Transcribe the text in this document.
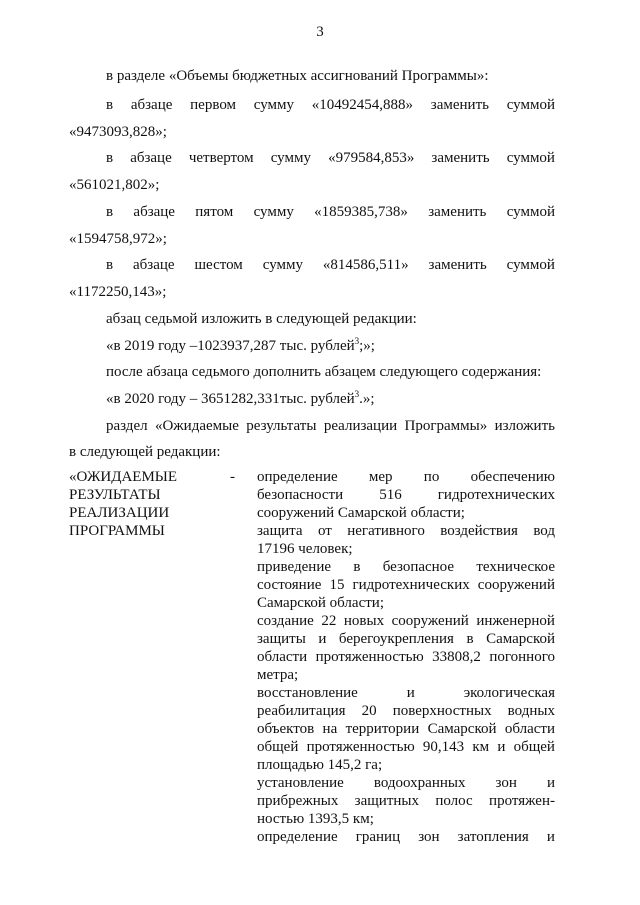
3
в разделе «Объемы бюджетных ассигнований Программы»:
в абзаце первом сумму «10492454,888» заменить суммой
«9473093,828»;
в абзаце четвертом сумму «979584,853» заменить суммой
«561021,802»;
в абзаце пятом сумму «1859385,738» заменить суммой
«1594758,972»;
в абзаце шестом сумму «814586,511» заменить суммой
«1172250,143»;
абзац седьмой изложить в следующей редакции:
«в 2019 году –1023937,287 тыс. рублей$^3$;»;
после абзаца седьмого дополнить абзацем следующего содержания:
«в 2020 году – 3651282,331тыс. рублей$^3$.»;
раздел «Ожидаемые результаты реализации Программы» изложить
в следующей редакции:
«ОЖИДАЕМЫЕ
РЕЗУЛЬТАТЫ
РЕАЛИЗАЦИИ
ПРОГРАММЫ
- определение мер по обеспечению
безопасности 516 гидротехнических
сооружений Самарской области;
защита от негативного воздействия вод
17196 человек;
приведение в безопасное техническое
состояние 15 гидротехнических сооружений
Самарской области;
создание 22 новых сооружений инженерной
защиты и берегоукрепления в Самарской
области протяженностью 33808,2 погонного
метра;
восстановление	и	экологическая
реабилитация 20 поверхностных водных
объектов на территории Самарской области
общей протяженностью 90,143 км и общей
площадью 145,2 га;
установление водоохранных зон и
прибрежных защитных полос протяжен-
ностью 1393,5 км;
определение границ зон затопления и
